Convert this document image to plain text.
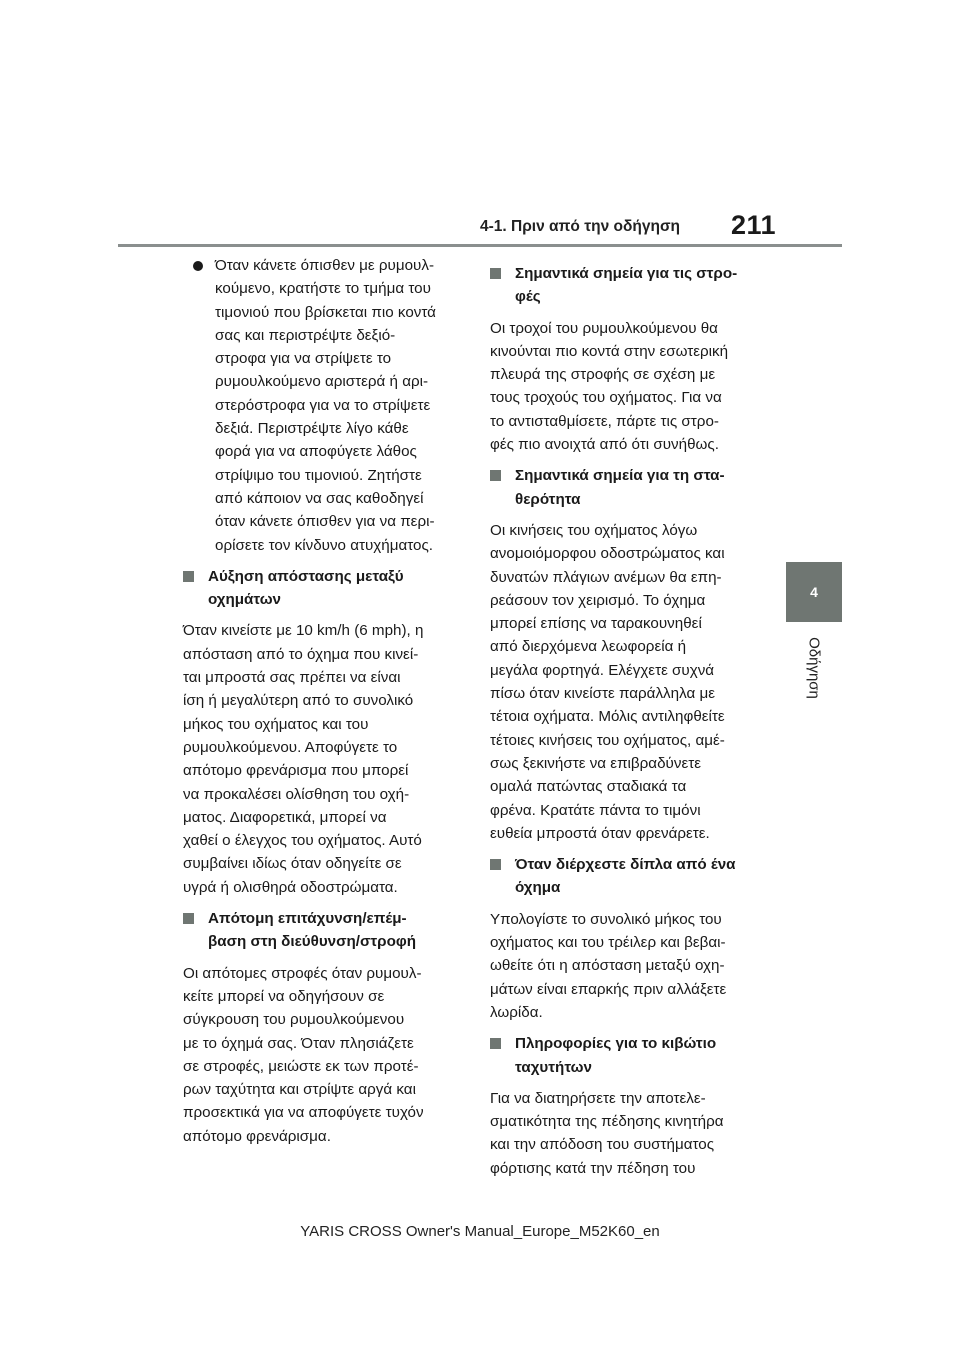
4-1. Πριν από την οδήγηση 211
4
Οδήγηση
Όταν κάνετε όπισθεν με ρυμουλ-
κούμενο, κρατήστε το τμήμα του
τιμονιού που βρίσκεται πιο κοντά
σας και περιστρέψτε δεξιό-
στροφα για να στρίψετε το
ρυμουλκούμενο αριστερά ή αρι-
στερόστροφα για να το στρίψετε
δεξιά. Περιστρέψτε λίγο κάθε
φορά για να αποφύγετε λάθος
στρίψιμο του τιμονιού. Ζητήστε
από κάποιον να σας καθοδηγεί
όταν κάνετε όπισθεν για να περι-
ορίσετε τον κίνδυνο ατυχήματος.
Αύξηση απόστασης μεταξύ
οχημάτων
Όταν κινείστε με 10 km/h (6 mph), η
απόσταση από το όχημα που κινεί-
ται μπροστά σας πρέπει να είναι
ίση ή μεγαλύτερη από το συνολικό
μήκος του οχήματος και του
ρυμουλκούμενου. Αποφύγετε το
απότομο φρενάρισμα που μπορεί
να προκαλέσει ολίσθηση του οχή-
ματος. Διαφορετικά, μπορεί να
χαθεί ο έλεγχος του οχήματος. Αυτό
συμβαίνει ιδίως όταν οδηγείτε σε
υγρά ή ολισθηρά οδοστρώματα.
Απότομη επιτάχυνση/επέμ-
βαση στη διεύθυνση/στροφή
Οι απότομες στροφές όταν ρυμουλ-
κείτε μπορεί να οδηγήσουν σε
σύγκρουση του ρυμουλκούμενου
με το όχημά σας. Όταν πλησιάζετε
σε στροφές, μειώστε εκ των προτέ-
ρων ταχύτητα και στρίψτε αργά και
προσεκτικά για να αποφύγετε τυχόν
απότομο φρενάρισμα.
Σημαντικά σημεία για τις στρο-
φές
Οι τροχοί του ρυμουλκούμενου θα
κινούνται πιο κοντά στην εσωτερική
πλευρά της στροφής σε σχέση με
τους τροχούς του οχήματος. Για να
το αντισταθμίσετε, πάρτε τις στρο-
φές πιο ανοιχτά από ότι συνήθως.
Σημαντικά σημεία για τη στα-
θερότητα
Οι κινήσεις του οχήματος λόγω
ανομοιόμορφου οδοστρώματος και
δυνατών πλάγιων ανέμων θα επη-
ρεάσουν τον χειρισμό. Το όχημα
μπορεί επίσης να ταρακουνηθεί
από διερχόμενα λεωφορεία ή
μεγάλα φορτηγά. Ελέγχετε συχνά
πίσω όταν κινείστε παράλληλα με
τέτοια οχήματα. Μόλις αντιληφθείτε
τέτοιες κινήσεις του οχήματος, αμέ-
σως ξεκινήστε να επιβραδύνετε
ομαλά πατώντας σταδιακά τα
φρένα. Κρατάτε πάντα το τιμόνι
ευθεία μπροστά όταν φρενάρετε.
Όταν διέρχεστε δίπλα από ένα
όχημα
Υπολογίστε το συνολικό μήκος του
οχήματος και του τρέιλερ και βεβαι-
ωθείτε ότι η απόσταση μεταξύ οχη-
μάτων είναι επαρκής πριν αλλάξετε
λωρίδα.
Πληροφορίες για το κιβώτιο
ταχυτήτων
Για να διατηρήσετε την αποτελε-
σματικότητα της πέδησης κινητήρα
και την απόδοση του συστήματος
φόρτισης κατά την πέδηση του
YARIS CROSS Owner's Manual_Europe_M52K60_en
